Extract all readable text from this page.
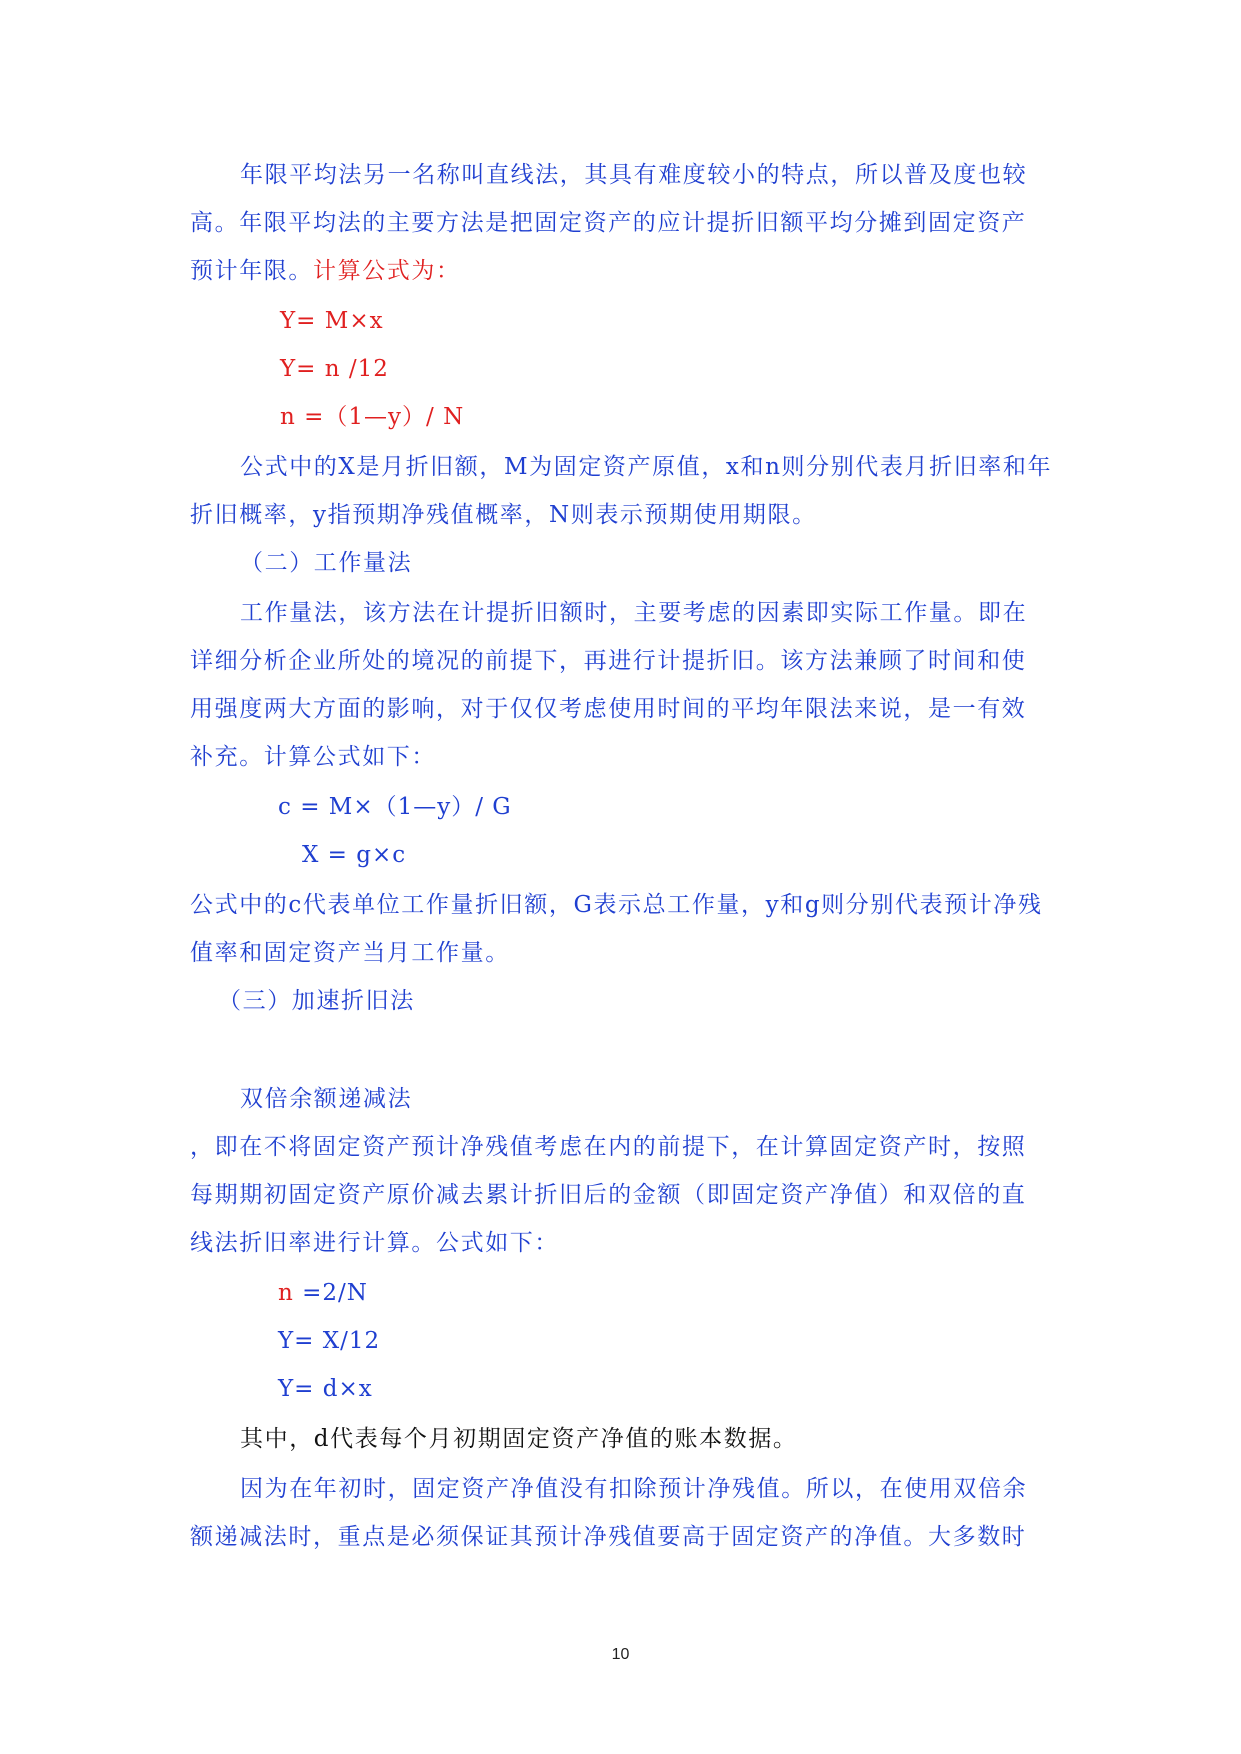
年限平均法另一名称叫直线法，其具有难度较小的特点，所以普及度也较
高。年限平均法的主要方法是把固定资产的应计提折旧额平均分摊到固定资产
预计年限。计算公式为：
Y= M×x
Y= n /12
n =（1—y）/ N
公式中的X是月折旧额，M为固定资产原值，x和n则分别代表月折旧率和年
折旧概率，y指预期净残值概率，N则表示预期使用期限。
（二）工作量法
工作量法，该方法在计提折旧额时，主要考虑的因素即实际工作量。即在
详细分析企业所处的境况的前提下，再进行计提折旧。该方法兼顾了时间和使
用强度两大方面的影响，对于仅仅考虑使用时间的平均年限法来说，是一有效
补充。计算公式如下：
c = M×（1—y）/ G
X = g×c
公式中的c代表单位工作量折旧额，G表示总工作量，y和g则分别代表预计净残
值率和固定资产当月工作量。
（三）加速折旧法
双倍余额递减法
，即在不将固定资产预计净残值考虑在内的前提下，在计算固定资产时，按照
每期期初固定资产原价减去累计折旧后的金额（即固定资产净值）和双倍的直
线法折旧率进行计算。公式如下：
n =2/N
Y= X/12
Y= d×x
其中，d代表每个月初期固定资产净值的账本数据。
因为在年初时，固定资产净值没有扣除预计净残值。所以，在使用双倍余
额递减法时，重点是必须保证其预计净残值要高于固定资产的净值。大多数时
10
